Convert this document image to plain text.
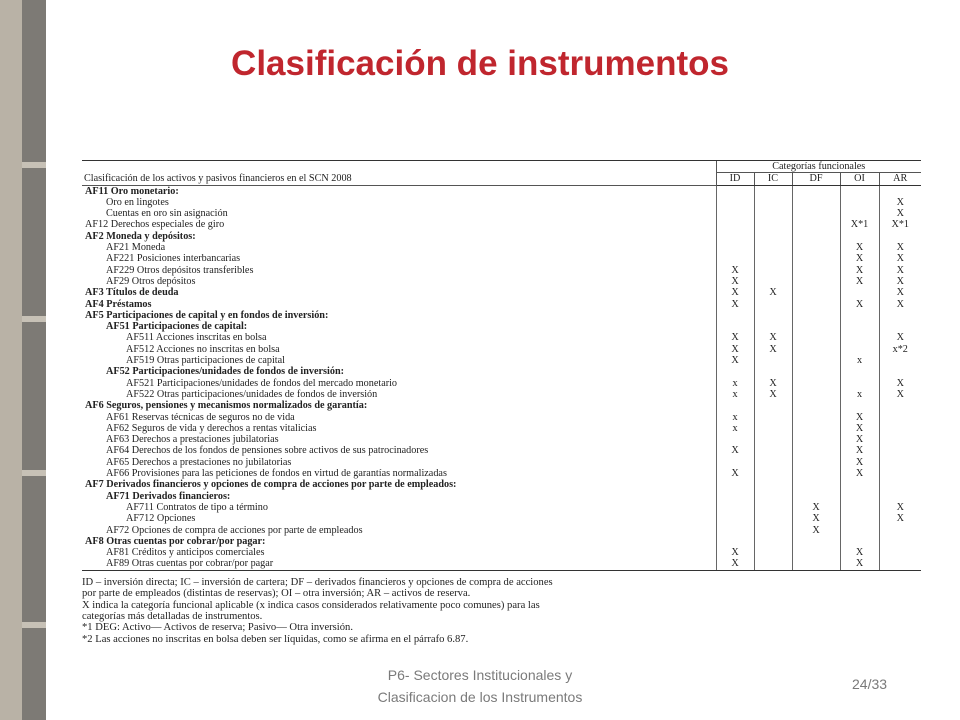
Clasificación de instrumentos
Clasificación de los activos y pasivos financieros en el SCN 2008	Categorías funcionales				
	ID	IC	DF	OI	AR
AF11 Oro monetario:					
Oro en lingotes					X
Cuentas en oro sin asignación					X
AF12 Derechos especiales de giro				X*1	X*1
AF2 Moneda y depósitos:					
AF21 Moneda				X	X
AF221 Posiciones interbancarias				X	X
AF229 Otros depósitos transferibles	X			X	X
AF29 Otros depósitos	X			X	X
AF3 Títulos de deuda	X	X			X
AF4 Préstamos	X			X	X
AF5 Participaciones de capital y en fondos de inversión:					
AF51 Participaciones de capital:					
AF511 Acciones inscritas en bolsa	X	X			X
AF512 Acciones no inscritas en bolsa	X	X			x*2
AF519 Otras participaciones de capital	X			x	
AF52 Participaciones/unidades de fondos de inversión:					
AF521 Participaciones/unidades de fondos del mercado monetario	x	X			X
AF522 Otras participaciones/unidades de fondos de inversión	x	X		x	X
AF6 Seguros, pensiones y mecanismos normalizados de garantía:					
AF61 Reservas técnicas de seguros no de vida	x			X	
AF62 Seguros de vida y derechos a rentas vitalicias	x			X	
AF63 Derechos a prestaciones jubilatorias				X	
AF64 Derechos de los fondos de pensiones sobre activos de sus patrocinadores	X			X	
AF65 Derechos a prestaciones no jubilatorias				X	
AF66 Provisiones para las peticiones de fondos en virtud de garantías normalizadas	X			X	
AF7 Derivados financieros y opciones de compra de acciones por parte de empleados:					
AF71 Derivados financieros:					
AF711 Contratos de tipo a término			X		X
AF712 Opciones			X		X
AF72 Opciones de compra de acciones por parte de empleados			X		
AF8 Otras cuentas por cobrar/por pagar:					
AF81 Créditos y anticipos comerciales	X			X	
AF89 Otras cuentas por cobrar/por pagar	X			X	

ID – inversión directa; IC – inversión de cartera; DF – derivados financieros y opciones de compra de acciones

por parte de empleados (distintas de reservas); OI – otra inversión; AR – activos de reserva.

X indica la categoría funcional aplicable (x indica casos considerados relativamente poco comunes) para las

categorías más detalladas de instrumentos.

*1 DEG: Activo— Activos de reserva; Pasivo— Otra inversión.

*2 Las acciones no inscritas en bolsa deben ser líquidas, como se afirma en el párrafo 6.87.

P6- Sectores Institucionales y
Clasificacion de los Instrumentos
24/33
